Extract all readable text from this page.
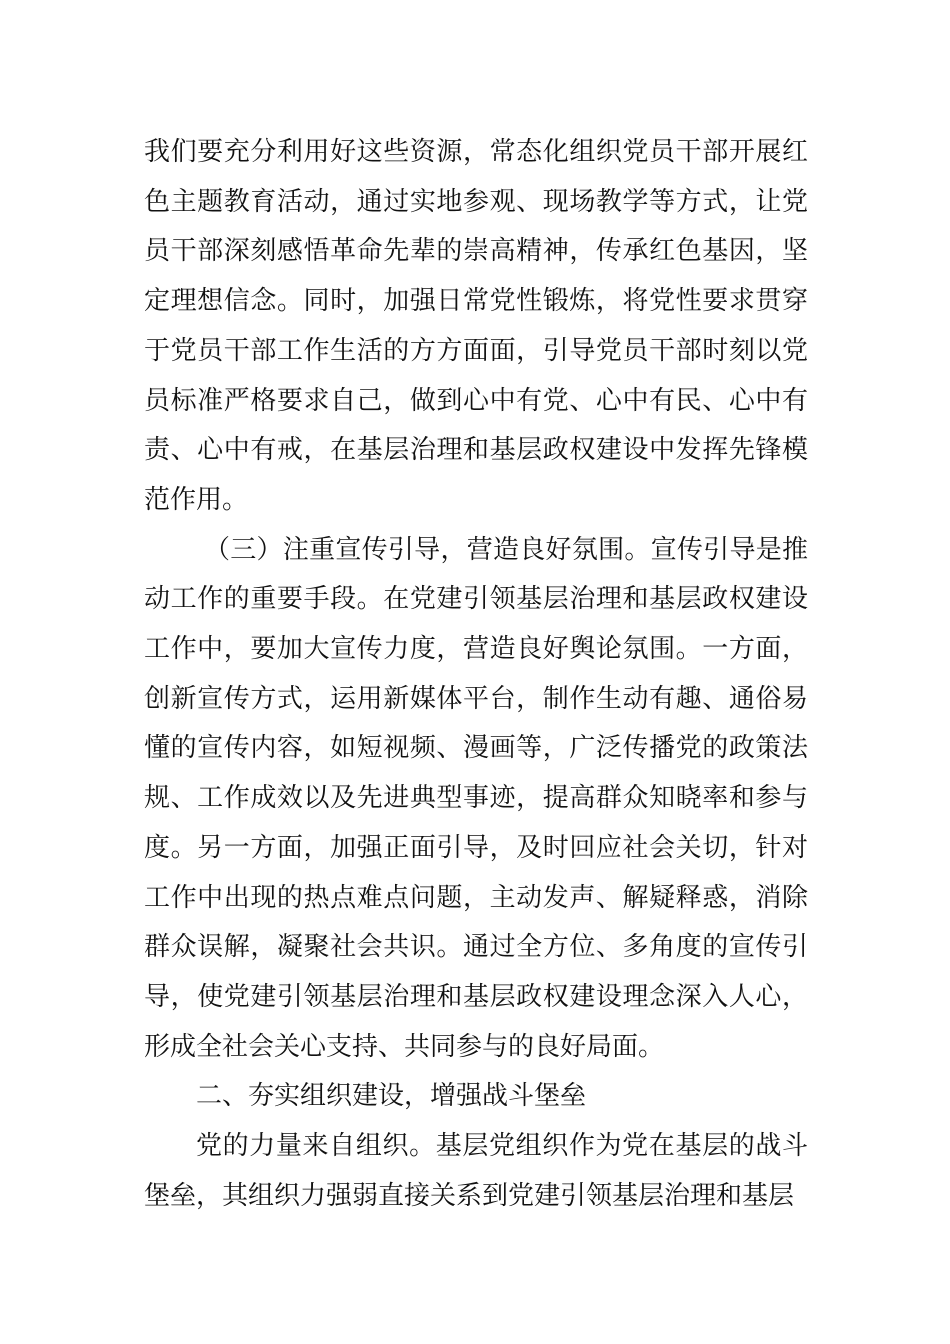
我们要充分利用好这些资源，常态化组织党员干部开展红色主题教育活动，通过实地参观、现场教学等方式，让党员干部深刻感悟革命先辈的崇高精神，传承红色基因，坚定理想信念。同时，加强日常党性锻炼，将党性要求贯穿于党员干部工作生活的方方面面，引导党员干部时刻以党员标准严格要求自己，做到心中有党、心中有民、心中有责、心中有戒，在基层治理和基层政权建设中发挥先锋模范作用。

（三）注重宣传引导，营造良好氛围。宣传引导是推动工作的重要手段。在党建引领基层治理和基层政权建设工作中，要加大宣传力度，营造良好舆论氛围。一方面，创新宣传方式，运用新媒体平台，制作生动有趣、通俗易懂的宣传内容，如短视频、漫画等，广泛传播党的政策法规、工作成效以及先进典型事迹，提高群众知晓率和参与度。另一方面，加强正面引导，及时回应社会关切，针对工作中出现的热点难点问题，主动发声、解疑释惑，消除群众误解，凝聚社会共识。通过全方位、多角度的宣传引导，使党建引领基层治理和基层政权建设理念深入人心，形成全社会关心支持、共同参与的良好局面。

二、夯实组织建设，增强战斗堡垒

党的力量来自组织。基层党组织作为党在基层的战斗堡垒，其组织力强弱直接关系到党建引领基层治理和基层
